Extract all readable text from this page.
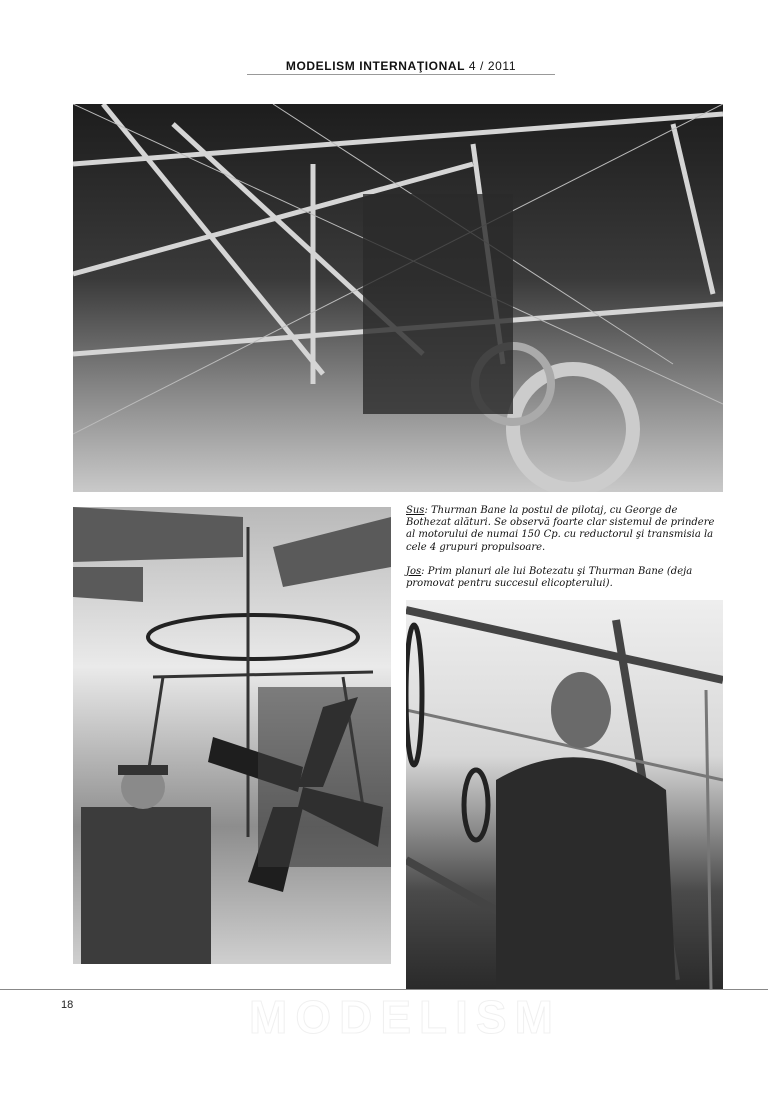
MODELISM INTERNAŢIONAL 4 / 2011

Sus: Thurman Bane la postul de pilotaj, cu George de Bothezat alături. Se observă foarte clar sistemul de prindere al motorului de numai 150 Cp. cu reductorul şi transmisia la cele 4 grupuri propulsoare.

Jos: Prim planuri ale lui Botezatu şi Thurman Bane (deja promovat pentru succesul elicopterului).

18	MODELISM
